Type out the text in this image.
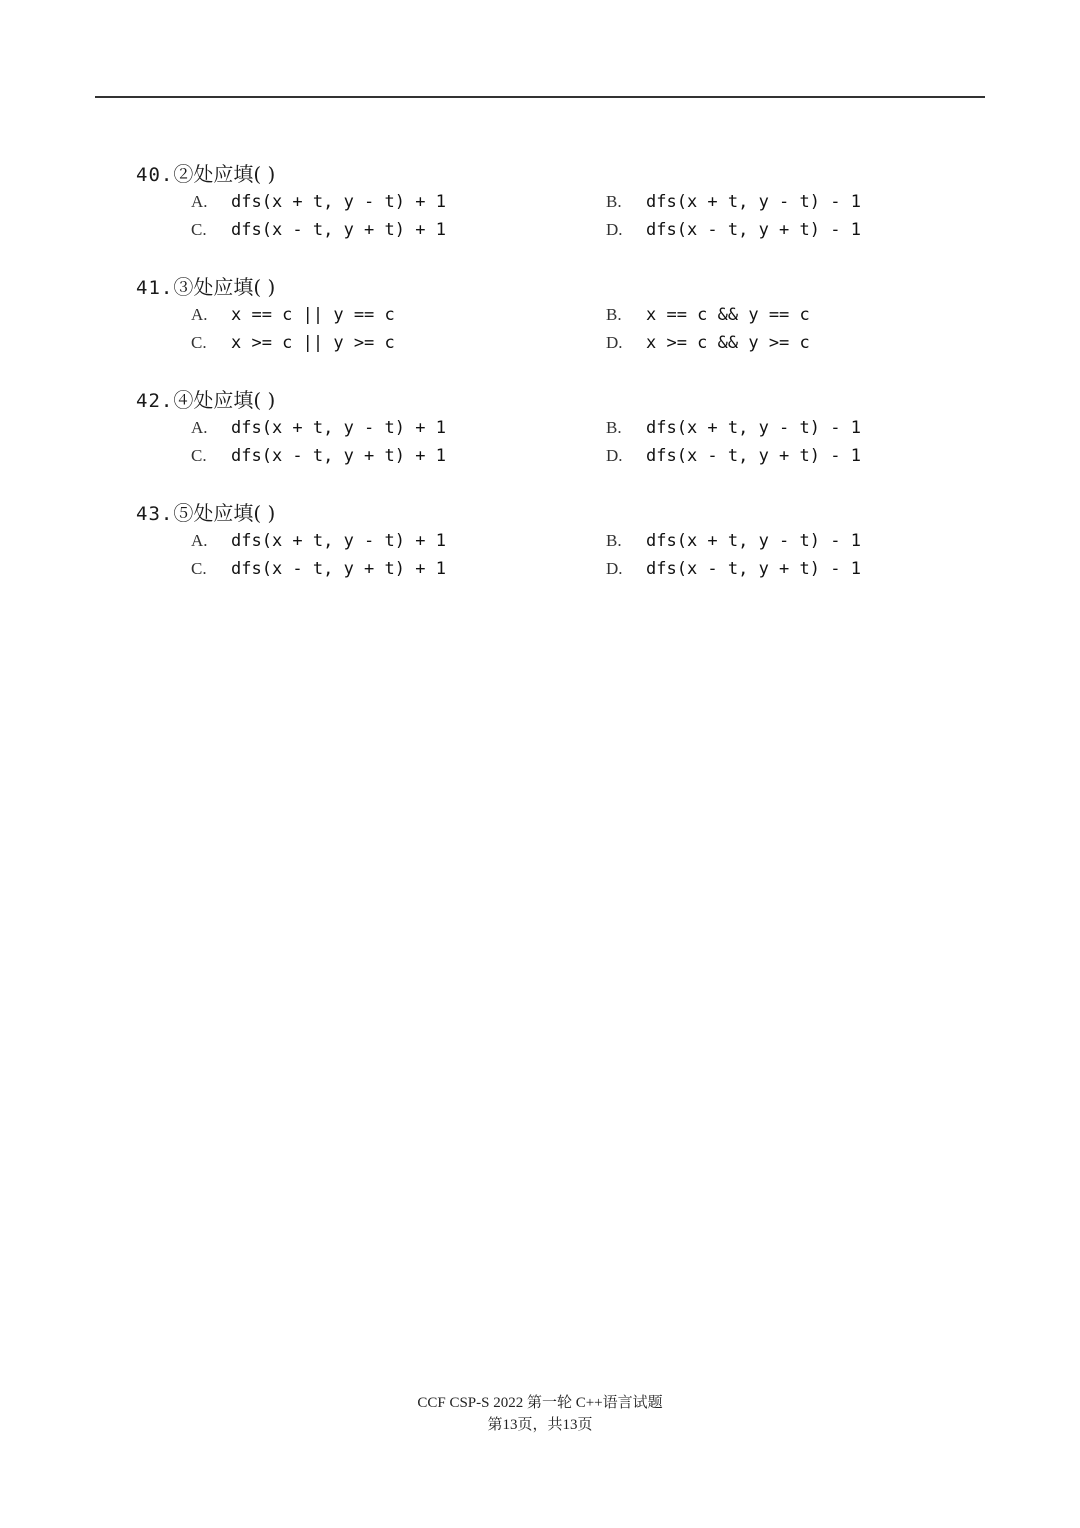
40.②处应填( )
A. dfs(x + t, y - t) + 1	B. dfs(x + t, y - t) - 1
C. dfs(x - t, y + t) + 1	D. dfs(x - t, y + t) - 1
41.③处应填( )
A. x == c || y == c	B. x == c && y == c
C. x >= c || y >= c	D. x >= c && y >= c
42.④处应填( )
A. dfs(x + t, y - t) + 1	B. dfs(x + t, y - t) - 1
C. dfs(x - t, y + t) + 1	D. dfs(x - t, y + t) - 1
43.⑤处应填( )
A. dfs(x + t, y - t) + 1	B. dfs(x + t, y - t) - 1
C. dfs(x - t, y + t) + 1	D. dfs(x - t, y + t) - 1
CCF CSP-S 2022 第一轮 C++语言试题
第13页，共13页
